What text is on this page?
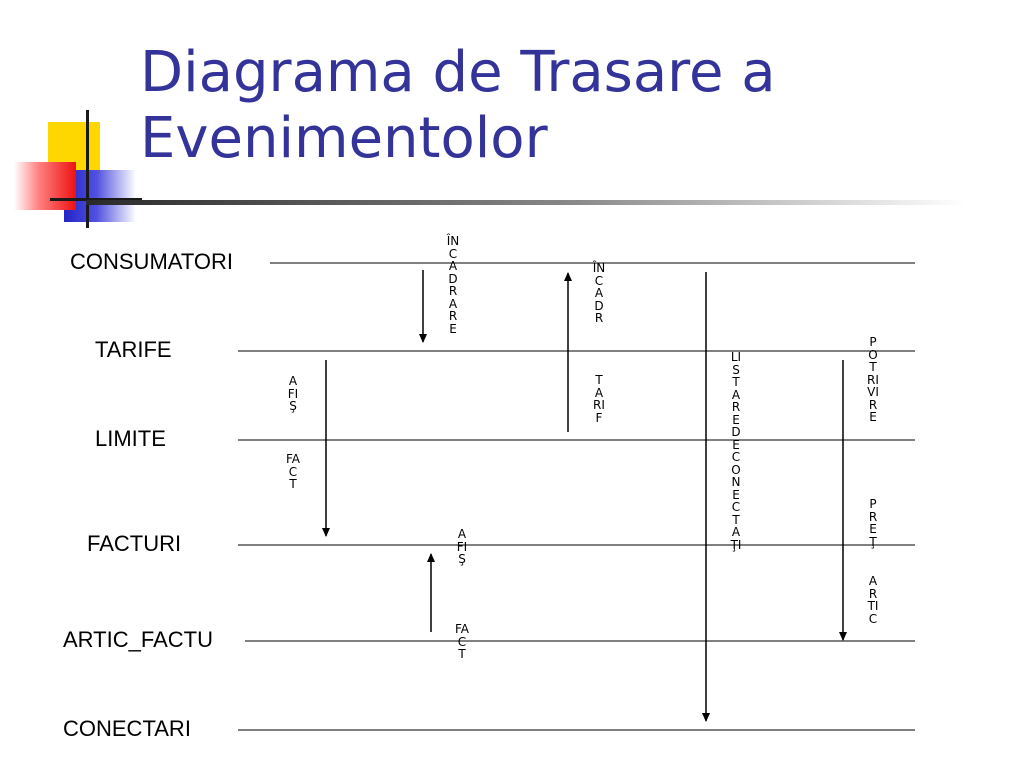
Diagrama de Trasare a
Evenimentolor
CONSUMATORI
TARIFE
LIMITE
FACTURI
ARTIC_FACTU
CONECTARI
ÎNCADRARE
ÎNCADR
TARIF
AFIŞ
FACT
AFIŞ
FACT
LISTAREDECONECTAŢI
POTRIVIRE
PREŢ
ARTIC
